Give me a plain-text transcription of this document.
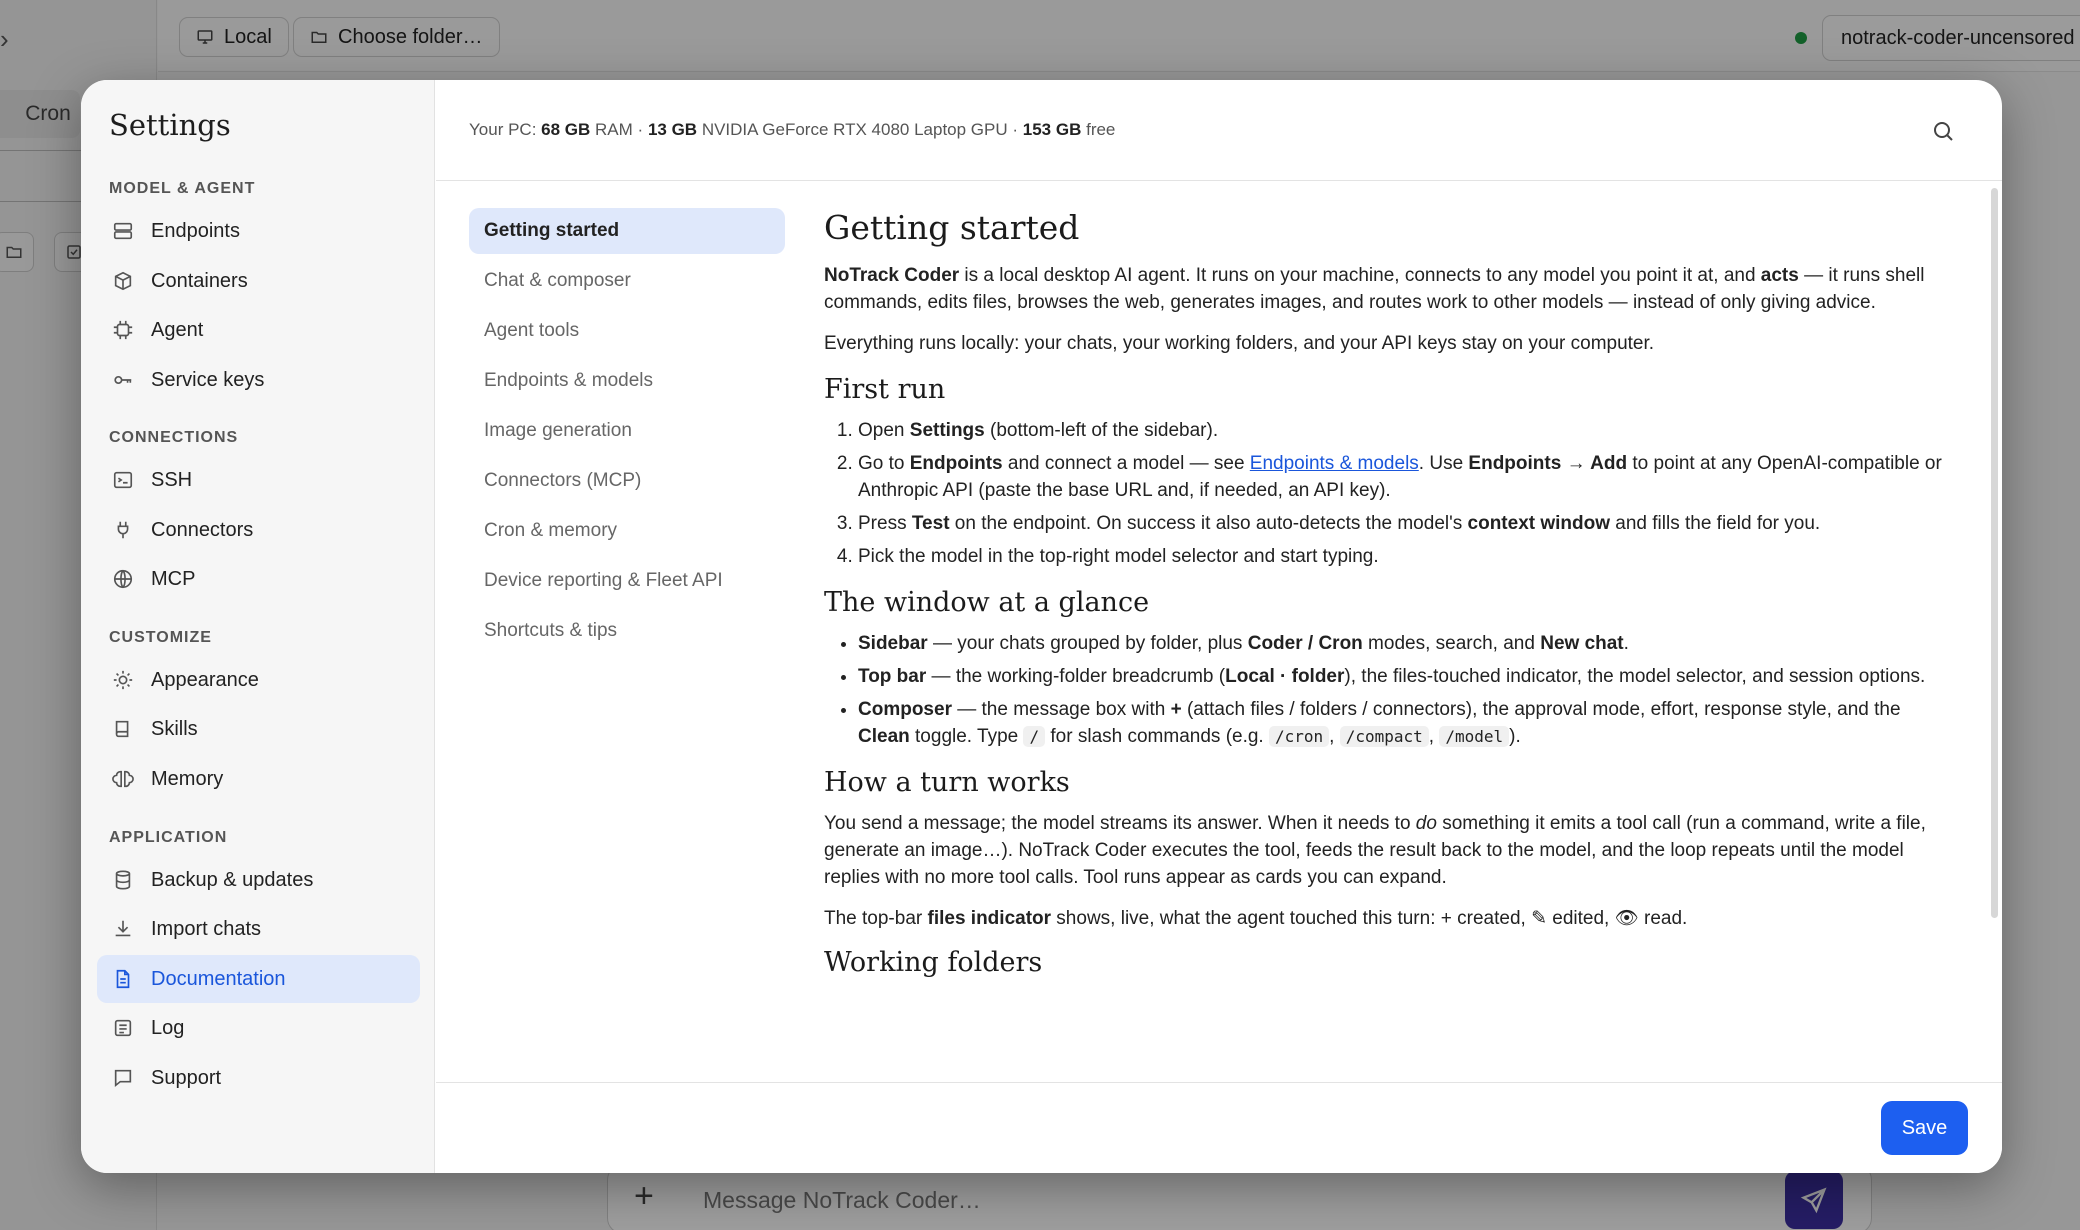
›
Cron
Local	Choose folder…	notrack-coder-uncensored
+ Message NoTrack Coder…
Settings
MODEL & AGENT
Endpoints
Containers
Agent
Service keys
CONNECTIONS
SSH
Connectors
MCP
CUSTOMIZE
Appearance
Skills
Memory
APPLICATION
Backup & updates
Import chats
Documentation
Log
Support
Your PC: 68 GB RAM · 13 GB NVIDIA GeForce RTX 4080 Laptop GPU · 153 GB free
Getting started
Chat & composer
Agent tools
Endpoints & models
Image generation
Connectors (MCP)
Cron & memory
Device reporting & Fleet API
Shortcuts & tips
Getting started

NoTrack Coder is a local desktop AI agent. It runs on your machine, connects to any model you point it at, and acts — it runs shell commands, edits files, browses the web, generates images, and routes work to other models — instead of only giving advice.

Everything runs locally: your chats, your working folders, and your API keys stay on your computer.

First run
1. Open Settings (bottom-left of the sidebar).
2. Go to Endpoints and connect a model — see Endpoints & models. Use Endpoints → Add to point at any OpenAI-compatible or Anthropic API (paste the base URL and, if needed, an API key).
3. Press Test on the endpoint. On success it also auto-detects the model's context window and fills the field for you.
4. Pick the model in the top-right model selector and start typing.
The window at a glance
• Sidebar — your chats grouped by folder, plus Coder / Cron modes, search, and New chat.
• Top bar — the working-folder breadcrumb (Local · folder), the files-touched indicator, the model selector, and session options.
• Composer — the message box with + (attach files / folders / connectors), the approval mode, effort, response style, and the Clean toggle. Type / for slash commands (e.g. /cron , /compact , /model ).
How a turn works

You send a message; the model streams its answer. When it needs to do something it emits a tool call (run a command, write a file, generate an image…). NoTrack Coder executes the tool, feeds the result back to the model, and the loop repeats until the model replies with no more tool calls. Tool runs appear as cards you can expand.

The top-bar files indicator shows, live, what the agent touched this turn: + created, ✎ edited, 👁 read.

Working folders
Save
